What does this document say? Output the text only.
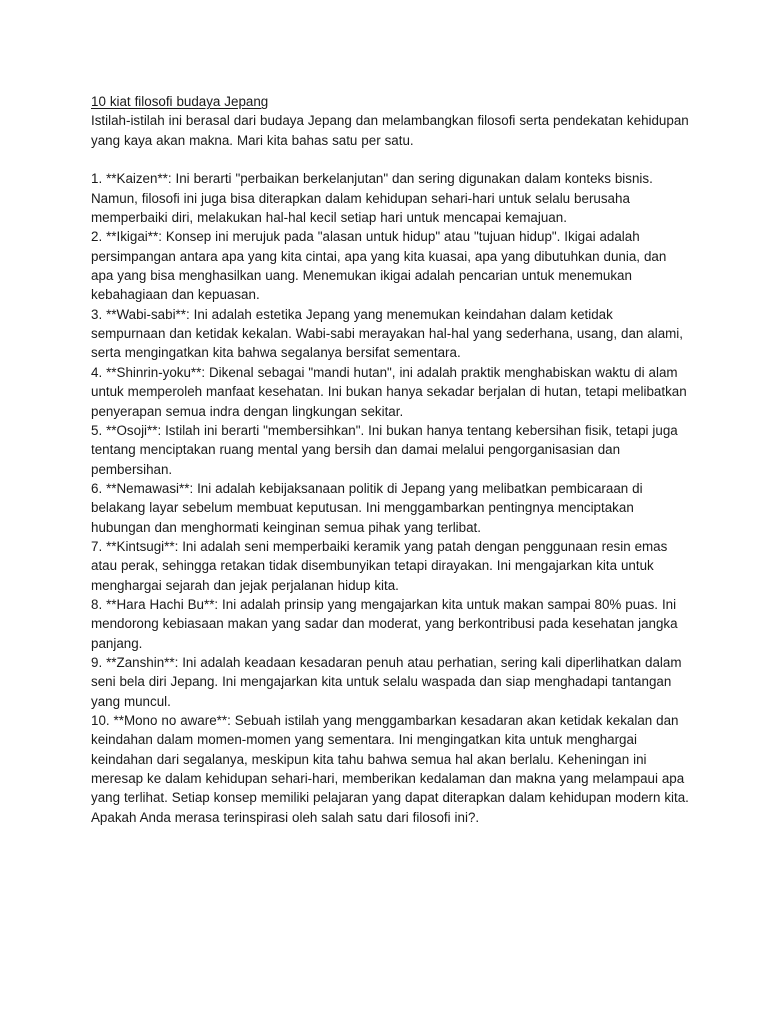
10 kiat filosofi budaya Jepang

Istilah-istilah ini berasal dari budaya Jepang dan melambangkan filosofi serta pendekatan kehidupan yang kaya akan makna. Mari kita bahas satu per satu.

1. **Kaizen**: Ini berarti "perbaikan berkelanjutan" dan sering digunakan dalam konteks bisnis. Namun, filosofi ini juga bisa diterapkan dalam kehidupan sehari-hari untuk selalu berusaha memperbaiki diri, melakukan hal-hal kecil setiap hari untuk mencapai kemajuan.

2. **Ikigai**: Konsep ini merujuk pada "alasan untuk hidup" atau "tujuan hidup". Ikigai adalah persimpangan antara apa yang kita cintai, apa yang kita kuasai, apa yang dibutuhkan dunia, dan apa yang bisa menghasilkan uang. Menemukan ikigai adalah pencarian untuk menemukan kebahagiaan dan kepuasan.

3. **Wabi-sabi**: Ini adalah estetika Jepang yang menemukan keindahan dalam ketidak sempurnaan dan ketidak kekalan. Wabi-sabi merayakan hal-hal yang sederhana, usang, dan alami, serta mengingatkan kita bahwa segalanya bersifat sementara.

4. **Shinrin-yoku**: Dikenal sebagai "mandi hutan", ini adalah praktik menghabiskan waktu di alam untuk memperoleh manfaat kesehatan. Ini bukan hanya sekadar berjalan di hutan, tetapi melibatkan penyerapan semua indra dengan lingkungan sekitar.

5. **Osoji**: Istilah ini berarti "membersihkan". Ini bukan hanya tentang kebersihan fisik, tetapi juga tentang menciptakan ruang mental yang bersih dan damai melalui pengorganisasian dan pembersihan.

6. **Nemawasi**: Ini adalah kebijaksanaan politik di Jepang yang melibatkan pembicaraan di belakang layar sebelum membuat keputusan. Ini menggambarkan pentingnya menciptakan hubungan dan menghormati keinginan semua pihak yang terlibat.

7. **Kintsugi**: Ini adalah seni memperbaiki keramik yang patah dengan penggunaan resin emas atau perak, sehingga retakan tidak disembunyikan tetapi dirayakan. Ini mengajarkan kita untuk menghargai sejarah dan jejak perjalanan hidup kita.

8. **Hara Hachi Bu**: Ini adalah prinsip yang mengajarkan kita untuk makan sampai 80% puas. Ini mendorong kebiasaan makan yang sadar dan moderat, yang berkontribusi pada kesehatan jangka panjang.

9. **Zanshin**: Ini adalah keadaan kesadaran penuh atau perhatian, sering kali diperlihatkan dalam seni bela diri Jepang. Ini mengajarkan kita untuk selalu waspada dan siap menghadapi tantangan yang muncul.

10. **Mono no aware**: Sebuah istilah yang menggambarkan kesadaran akan ketidak kekalan dan keindahan dalam momen-momen yang sementara. Ini mengingatkan kita untuk menghargai keindahan dari segalanya, meskipun kita tahu bahwa semua hal akan berlalu. Keheningan ini meresap ke dalam kehidupan sehari-hari, memberikan kedalaman dan makna yang melampaui apa yang terlihat. Setiap konsep memiliki pelajaran yang dapat diterapkan dalam kehidupan modern kita. Apakah Anda merasa terinspirasi oleh salah satu dari filosofi ini?.
